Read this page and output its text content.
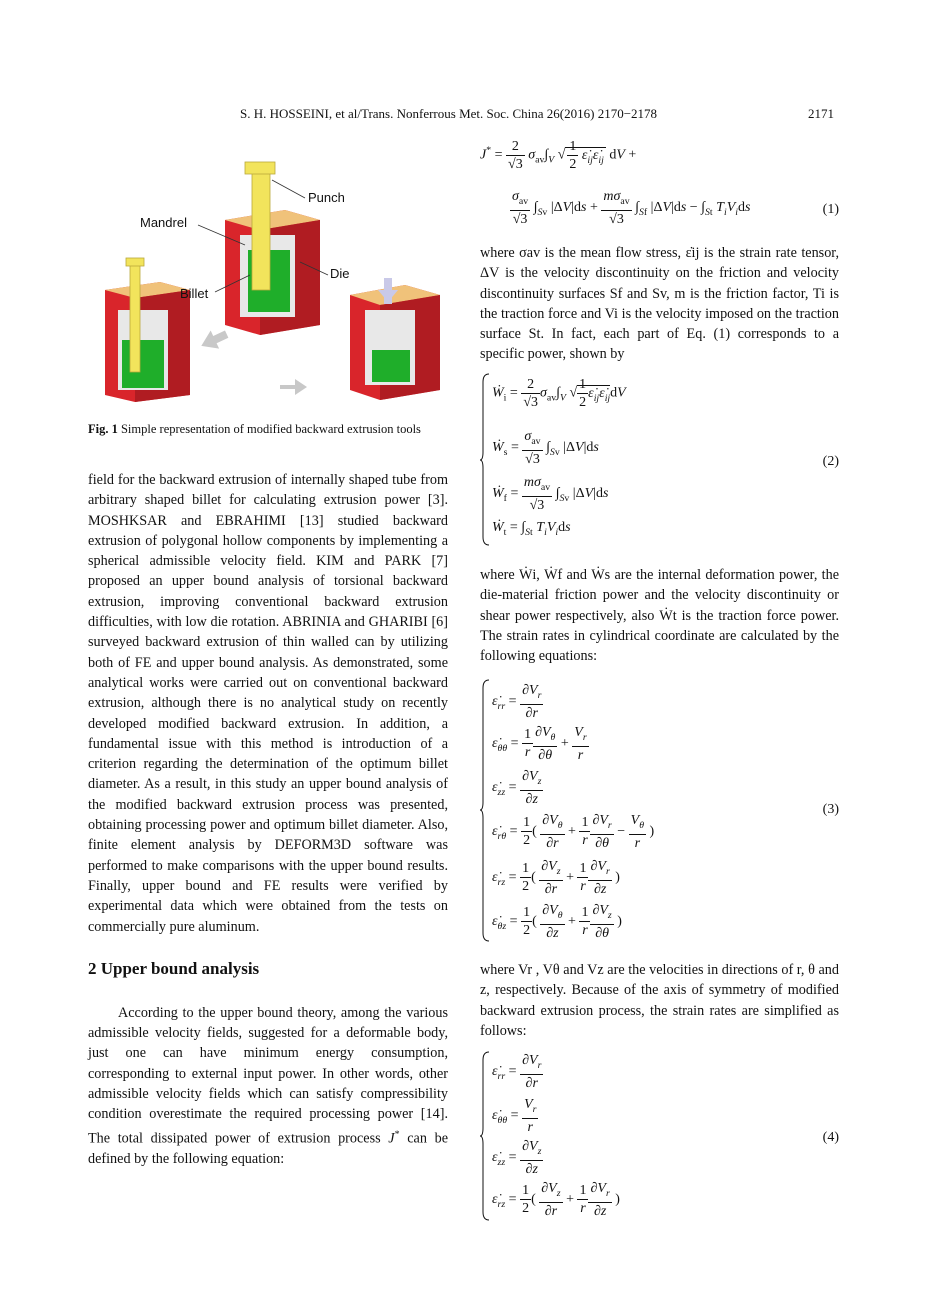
S. H. HOSSEINI, et al/Trans. Nonferrous Met. Soc. China 26(2016) 2170−2178	2171
Punch
Mandrel
Die
Billet
Fig. 1 Simple representation of modified backward extrusion tools

field for the backward extrusion of internally shaped tube from arbitrary shaped billet for calculating extrusion power [3]. MOSHKSAR and EBRAHIMI [13] studied backward extrusion of polygonal hollow components by implementing a spherical admissible velocity field. KIM and PARK [7] proposed an upper bound analysis of torsional backward extrusion, improving conventional backward extrusion difficulties, with low die rotation. ABRINIA and GHARIBI [6] surveyed backward extrusion of thin walled can by utilizing both of FE and upper bound analysis. As demonstrated, some analytical works were carried out on conventional backward extrusion, although there is no analytical study on recently developed modified backward extrusion. In addition, a fundamental issue with this method is introduction of a criterion regarding the determination of the optimum billet diameter. As a result, in this study an upper bound analysis of the modified backward extrusion process was presented, obtaining processing power and optimum billet diameter. Also, finite element analysis by DEFORM3D software was performed to make comparisons with the upper bound results. Finally, upper bound and FE results were verified by experimental data which were obtained from the tests on commercially pure aluminum.

2 Upper bound analysis

According to the upper bound theory, among the various admissible velocity fields, suggested for a deformable body, just one can have minimum energy consumption, corresponding to external input power. In other words, other admissible velocity fields which can satisfy compressibility condition overestimate the required processing power [14]. The total dissipated power of extrusion process J* can be defined by the following equation:

$J^* = \frac{2}{√3} \sigma_{av}\int_V$ √ $\frac{1}{2}$ $\varepsiloṅ_{ij}\varepsiloṅ_{ij}$ dV +
$\frac{\sigma_{av}}{√3} \int_{Sv}$ $|\Delta V|ds + \frac{m\sigma_{av}}{√3} \int_{Sf}$ $|\Delta V|ds - \int_{St}$ $T_iV_ids$	(1)
where σav is the mean flow stress, ε̇ij is the strain rate tensor, ΔV is the velocity discontinuity on the friction and velocity discontinuity surfaces Sf and Sv, m is the friction factor, Ti is the traction force and Vi is the velocity imposed on the traction surface St. In fact, each part of Eq. (1) corresponds to a specific power, shown by
Ẇ$_i$ = $\frac{2}{√3} \sigma_{av}\int_V$ √ $\frac{1}{2}$ $\varepsiloṅ_{ij}\varepsiloṅ_{ij}dV$
Ẇ$_s$ = $\frac{\sigma_{av}}{√3} \int_{Sv}$ |ΔV|ds
Ẇ$_f$ = $\frac{m\sigma_{av}}{√3} \int_{Sv}$ |ΔV|ds
Ẇ$_t$ = $\int_{St}$ $T_iV_ids$
(2)
where Ẇi, Ẇf and Ẇs are the internal deformation power, the die-material friction power and the velocity discontinuity or shear power respectively, also Ẇt is the traction force power. The strain rates in cylindrical coordinate are calculated by the following equations:
$\varepsiloṅ_{rr} = \frac{\partial V_r}{\partial r}$
$\varepsiloṅ_{\theta\theta} = \frac{1}{r} \frac{\partial V_\theta}{\partial\theta} + \frac{V_r}{r}$
$\varepsiloṅ_{zz} = \frac{\partial V_z}{\partial z}$
$\varepsiloṅ_{r\theta} = \frac{1}{2}$ ( $\frac{\partial V_\theta}{\partial r} + \frac{1}{r} \frac{\partial V_r}{\partial\theta} - \frac{V_\theta}{r}$ )
$\varepsiloṅ_{rz} = \frac{1}{2}$ ( $\frac{\partial V_z}{\partial r} + \frac{1}{r} \frac{\partial V_r}{\partial z}$ )
$\varepsiloṅ_{\theta z} = \frac{1}{2}$ ( $\frac{\partial V_\theta}{\partial z} + \frac{1}{r} \frac{\partial V_z}{\partial\theta}$ )
(3)
where Vr , Vθ and Vz are the velocities in directions of r, θ and z, respectively. Because of the axis of symmetry of modified backward extrusion process, the strain rates are simplified as follows:
$\varepsiloṅ_{rr} = \frac{\partial V_r}{\partial r}$
$\varepsiloṅ_{\theta\theta} = \frac{V_r}{r}$
$\varepsiloṅ_{zz} = \frac{\partial V_z}{\partial z}$
$\varepsiloṅ_{rz} = \frac{1}{2}$ ( $\frac{\partial V_z}{\partial r} + \frac{1}{r} \frac{\partial V_r}{\partial z}$ )
(4)
